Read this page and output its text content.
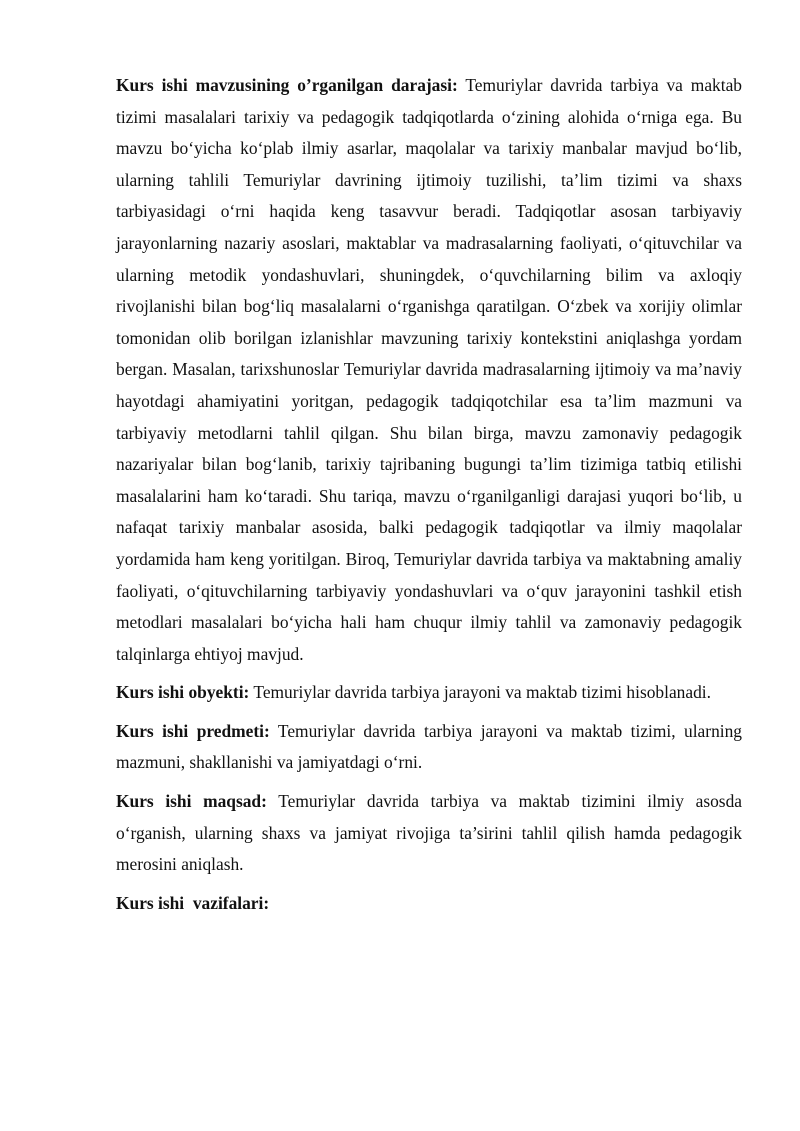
Kurs ishi mavzusining o’rganilgan darajasi: Temuriylar davrida tarbiya va maktab tizimi masalalari tarixiy va pedagogik tadqiqotlarda o‘zining alohida o‘rniga ega. Bu mavzu bo‘yicha ko‘plab ilmiy asarlar, maqolalar va tarixiy manbalar mavjud bo‘lib, ularning tahlili Temuriylar davrining ijtimoiy tuzilishi, ta’lim tizimi va shaxs tarbiyasidagi o‘rni haqida keng tasavvur beradi. Tadqiqotlar asosan tarbiyaviy jarayonlarning nazariy asoslari, maktablar va madrasalarning faoliyati, o‘qituvchilar va ularning metodik yondashuvlari, shuningdek, o‘quvchilarning bilim va axloqiy rivojlanishi bilan bog‘liq masalalarni o‘rganishga qaratilgan. O‘zbek va xorijiy olimlar tomonidan olib borilgan izlanishlar mavzuning tarixiy kontekstini aniqlashga yordam bergan. Masalan, tarixshunoslar Temuriylar davrida madrasalarning ijtimoiy va ma’naviy hayotdagi ahamiyatini yoritgan, pedagogik tadqiqotchilar esa ta’lim mazmuni va tarbiyaviy metodlarni tahlil qilgan. Shu bilan birga, mavzu zamonaviy pedagogik nazariyalar bilan bog‘lanib, tarixiy tajribaning bugungi ta’lim tizimiga tatbiq etilishi masalalarini ham ko‘taradi. Shu tariqa, mavzu o‘rganilganligi darajasi yuqori bo‘lib, u nafaqat tarixiy manbalar asosida, balki pedagogik tadqiqotlar va ilmiy maqolalar yordamida ham keng yoritilgan. Biroq, Temuriylar davrida tarbiya va maktabning amaliy faoliyati, o‘qituvchilarning tarbiyaviy yondashuvlari va o‘quv jarayonini tashkil etish metodlari masalalari bo‘yicha hali ham chuqur ilmiy tahlil va zamonaviy pedagogik talqinlarga ehtiyoj mavjud.

Kurs ishi obyekti: Temuriylar davrida tarbiya jarayoni va maktab tizimi hisoblanadi.

Kurs ishi predmeti: Temuriylar davrida tarbiya jarayoni va maktab tizimi, ularning mazmuni, shakllanishi va jamiyatdagi o‘rni.

Kurs ishi maqsad: Temuriylar davrida tarbiya va maktab tizimini ilmiy asosda o‘rganish, ularning shaxs va jamiyat rivojiga ta’sirini tahlil qilish hamda pedagogik merosini aniqlash.

Kurs ishi  vazifalari:
